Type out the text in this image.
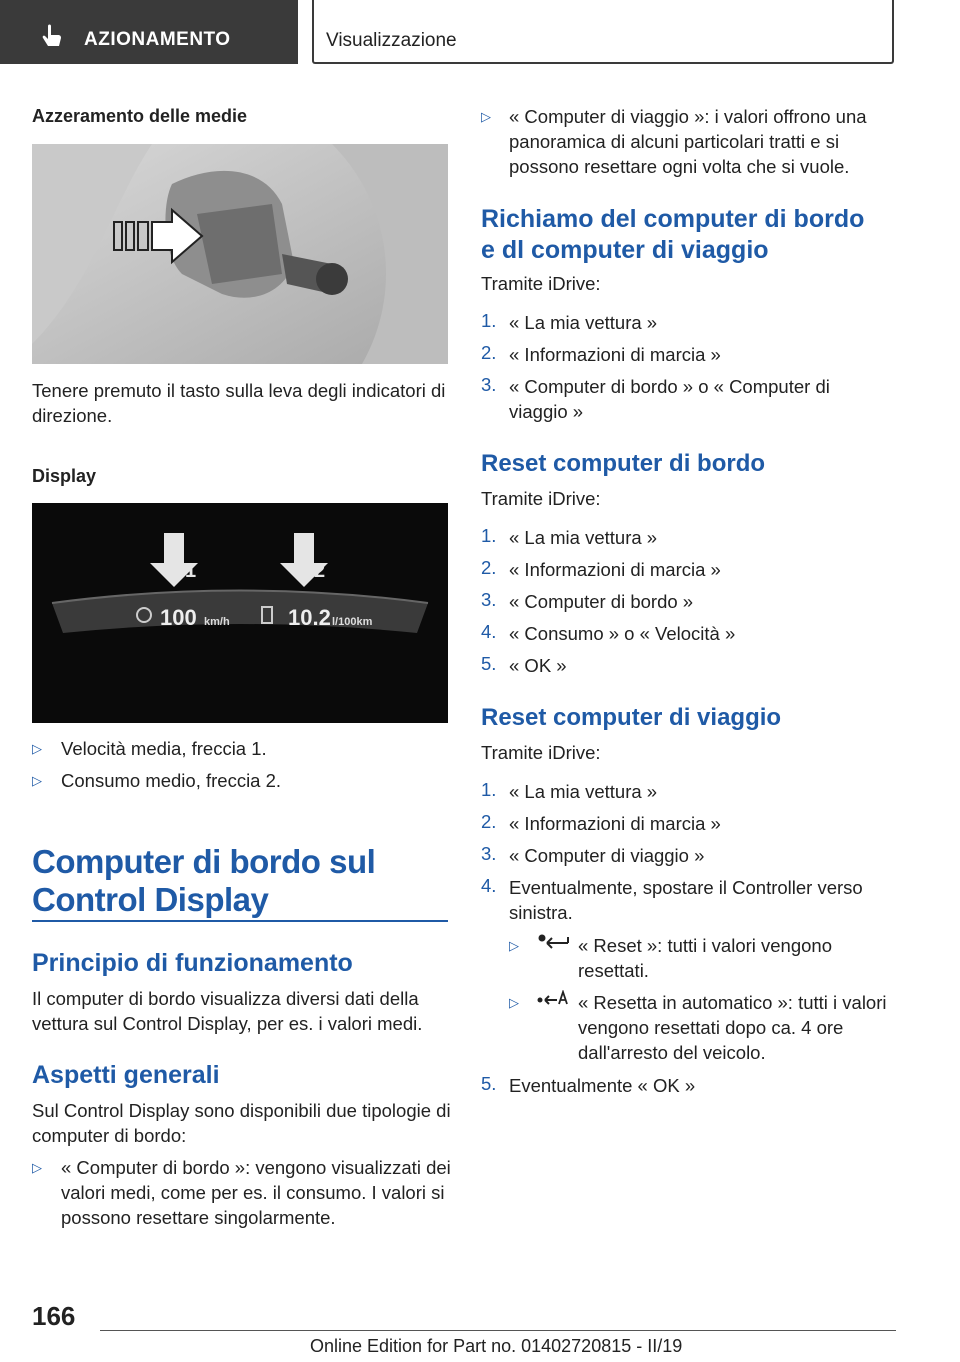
AZIONAMENTO	Visualizzazione
Azzeramento delle medie
Tenere premuto il tasto sulla leva degli indicatori di direzione.
Display
1	2
100 km/h	10.2 l/100km
▷ Velocità media, freccia 1.
▷ Consumo medio, freccia 2.
Computer di bordo sul
Control Display
Principio di funzionamento
Il computer di bordo visualizza diversi dati della vettura sul Control Display, per es. i valori medi.
Aspetti generali
Sul Control Display sono disponibili due tipologie di computer di bordo:
▷ « Computer di bordo »: vengono visualizzati dei valori medi, come per es. il consumo. I valori si possono resettare singolarmente.
▷ « Computer di viaggio »: i valori offrono una panoramica di alcuni particolari tratti e si possono resettare ogni volta che si vuole.
Richiamo del computer di bordo
e dl computer di viaggio
Tramite iDrive:
1. « La mia vettura »
2. « Informazioni di marcia »
3. « Computer di bordo » o « Computer di viaggio »
Reset computer di bordo
Tramite iDrive:
1. « La mia vettura »
2. « Informazioni di marcia »
3. « Computer di bordo »
4. « Consumo » o « Velocità »
5. « OK »
Reset computer di viaggio
Tramite iDrive:
1. « La mia vettura »
2. « Informazioni di marcia »
3. « Computer di viaggio »
4. Eventualmente, spostare il Controller verso sinistra.
▷	« Reset »: tutti i valori vengono resettati.
▷	« Resetta in automatico »: tutti i valori vengono resettati dopo ca. 4 ore dall'arresto del veicolo.
5. Eventualmente « OK »
166
Online Edition for Part no. 01402720815 - II/19
